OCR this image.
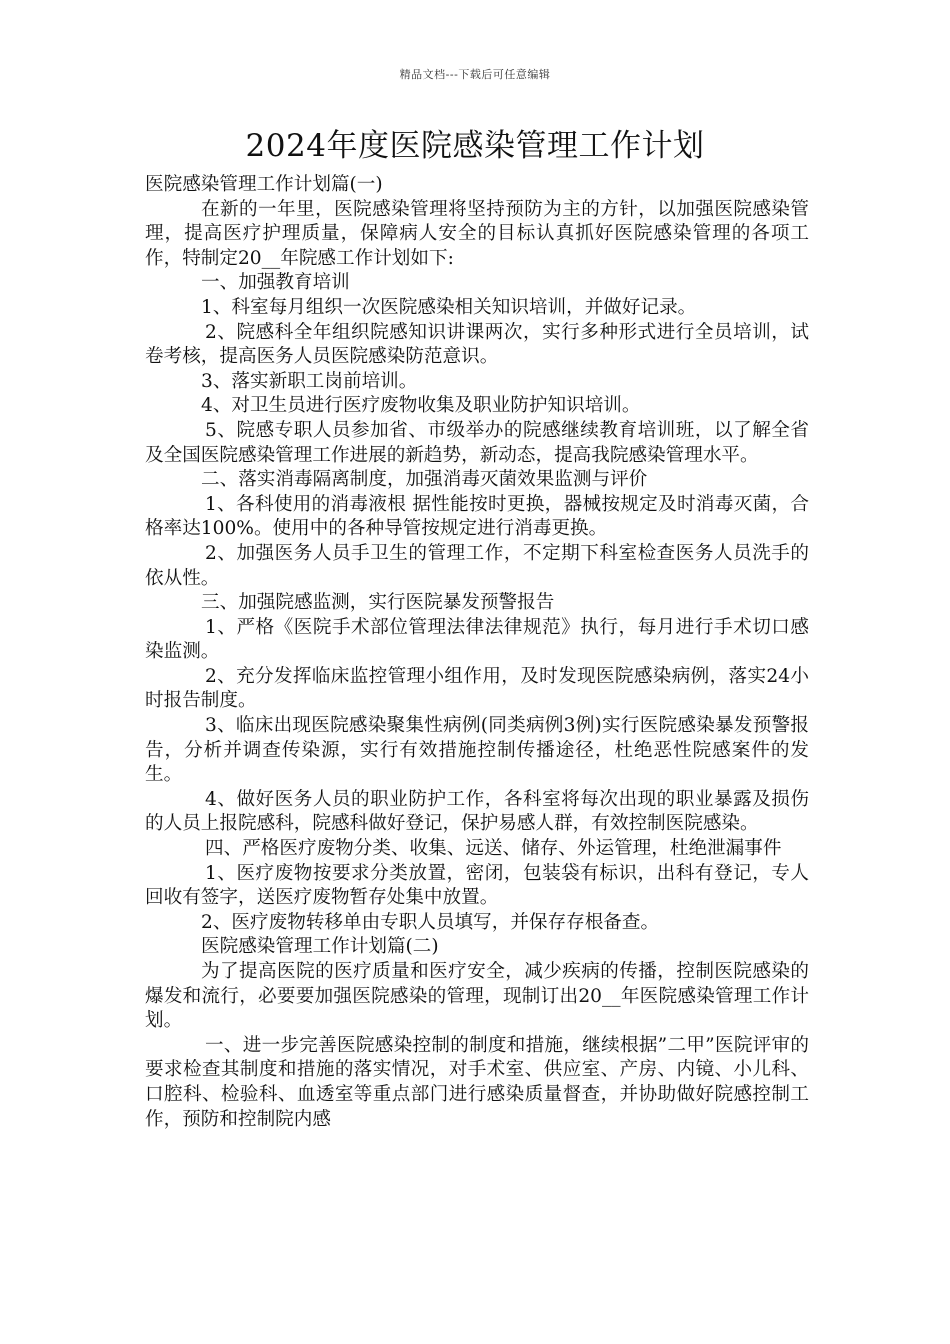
精品文档---下载后可任意编辑
2024年度医院感染管理工作计划

医院感染管理工作计划篇(一)

在新的一年里，医院感染管理将坚持预防为主的方针，以加强医院感染管理，提高医疗护理质量，保障病人安全的目标认真抓好医院感染管理的各项工作，特制定20__年院感工作计划如下:

一、加强教育培训

1、科室每月组织一次医院感染相关知识培训，并做好记录。

2、院感科全年组织院感知识讲课两次，实行多种形式进行全员培训，试卷考核，提高医务人员医院感染防范意识。

3、落实新职工岗前培训。

4、对卫生员进行医疗废物收集及职业防护知识培训。

5、院感专职人员参加省、市级举办的院感继续教育培训班，以了解全省及全国医院感染管理工作进展的新趋势，新动态，提高我院感染管理水平。

二、落实消毒隔离制度，加强消毒灭菌效果监测与评价

1、各科使用的消毒液根 据性能按时更换，器械按规定及时消毒灭菌，合格率达100%。使用中的各种导管按规定进行消毒更换。

2、加强医务人员手卫生的管理工作，不定期下科室检查医务人员洗手的依从性。

三、加强院感监测，实行医院暴发预警报告

1、严格《医院手术部位管理法律法律规范》执行，每月进行手术切口感染监测。

2、充分发挥临床监控管理小组作用，及时发现医院感染病例，落实24小时报告制度。

3、临床出现医院感染聚集性病例(同类病例3例)实行医院感染暴发预警报告，分析并调查传染源，实行有效措施控制传播途径，杜绝恶性院感案件的发生。

4、做好医务人员的职业防护工作，各科室将每次出现的职业暴露及损伤的人员上报院感科，院感科做好登记，保护易感人群，有效控制医院感染。

四、严格医疗废物分类、收集、远送、储存、外运管理，杜绝泄漏事件

1、医疗废物按要求分类放置，密闭，包装袋有标识，出科有登记，专人回收有签字，送医疗废物暂存处集中放置。

2、医疗废物转移单由专职人员填写，并保存存根备查。

医院感染管理工作计划篇(二)

为了提高医院的医疗质量和医疗安全，减少疾病的传播，控制医院感染的爆发和流行，必要要加强医院感染的管理，现制订出20__年医院感染管理工作计划。

一、进一步完善医院感染控制的制度和措施，继续根据”二甲”医院评审的要求检查其制度和措施的落实情况，对手术室、供应室、产房、内镜、小儿科、口腔科、检验科、血透室等重点部门进行感染质量督查，并协助做好院感控制工作，预防和控制院内感
